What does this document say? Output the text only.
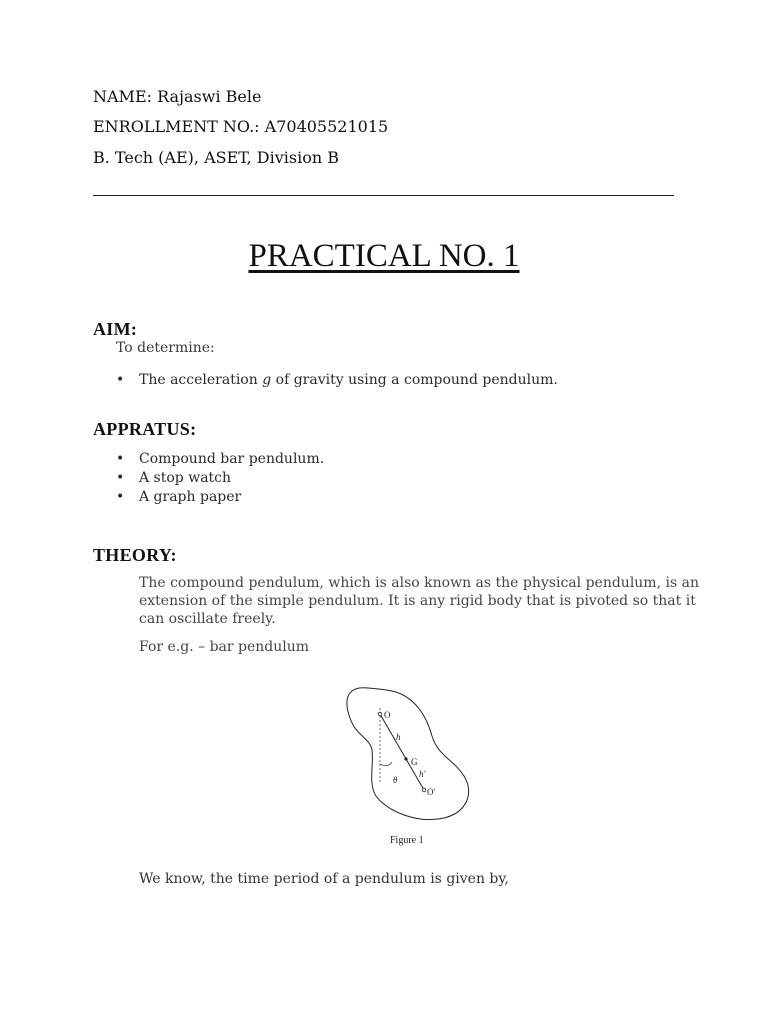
NAME: Rajaswi Bele
ENROLLMENT NO.: A70405521015
B. Tech (AE), ASET, Division B
PRACTICAL NO. 1
AIM:
To determine:
• The acceleration g of gravity using a compound pendulum.
APPRATUS:
• Compound bar pendulum.
• A stop watch
• A graph paper
THEORY:
The compound pendulum, which is also known as the physical pendulum, is an
extension of the simple pendulum. It is any rigid body that is pivoted so that it
can oscillate freely.
For e.g. – bar pendulum
O
h
G
h'
θ
O'
Figure 1
We know, the time period of a pendulum is given by,
